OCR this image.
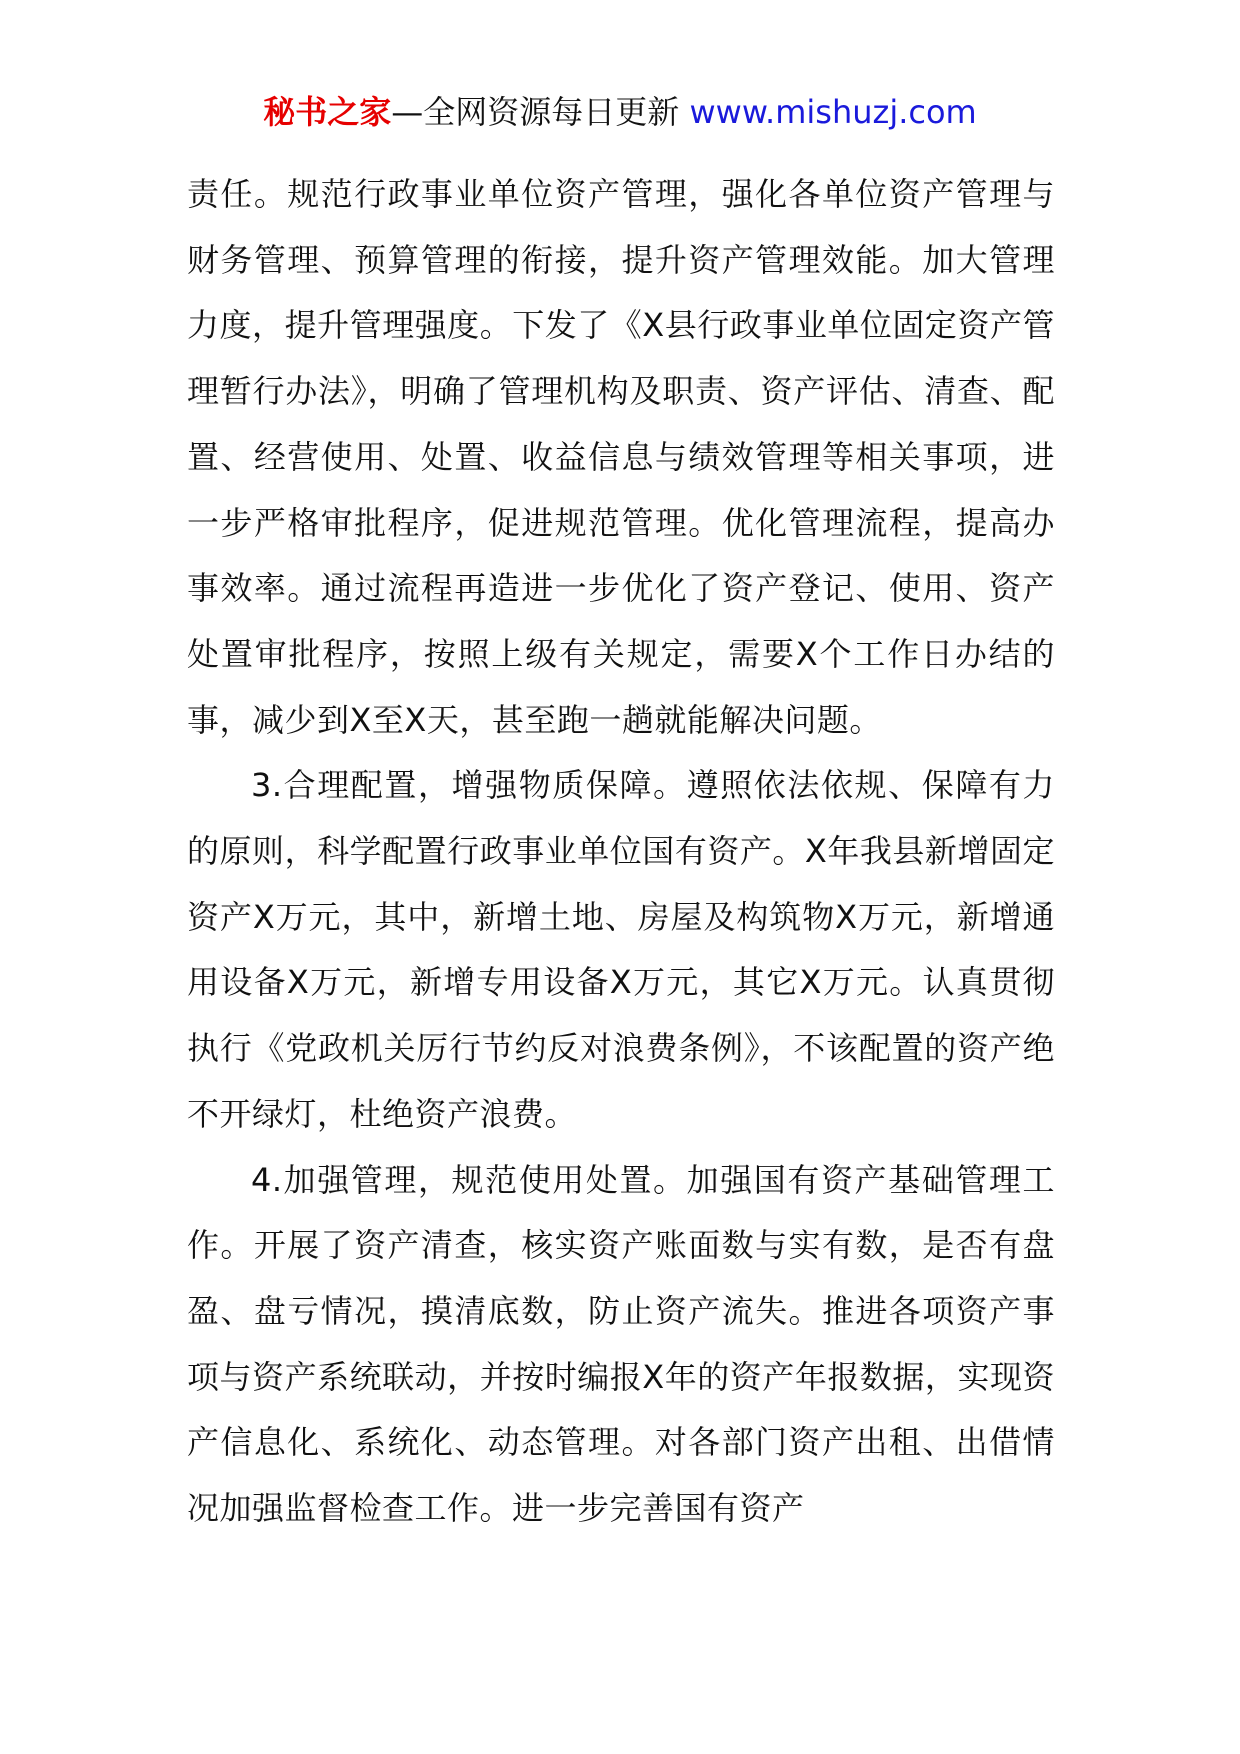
秘书之家—全网资源每日更新 www.mishuzj.com

责任。规范行政事业单位资产管理，强化各单位资产管理与财务管理、预算管理的衔接，提升资产管理效能。加大管理力度，提升管理强度。下发了《X县行政事业单位固定资产管理暂行办法》，明确了管理机构及职责、资产评估、清查、配置、经营使用、处置、收益信息与绩效管理等相关事项，进一步严格审批程序，促进规范管理。优化管理流程，提高办事效率。通过流程再造进一步优化了资产登记、使用、资产处置审批程序，按照上级有关规定，需要X个工作日办结的事，减少到X至X天，甚至跑一趟就能解决问题。

3.合理配置，增强物质保障。遵照依法依规、保障有力的原则，科学配置行政事业单位国有资产。X年我县新增固定资产X万元，其中，新增土地、房屋及构筑物X万元，新增通用设备X万元，新增专用设备X万元，其它X万元。认真贯彻执行《党政机关厉行节约反对浪费条例》，不该配置的资产绝不开绿灯，杜绝资产浪费。

4.加强管理，规范使用处置。加强国有资产基础管理工作。开展了资产清查，核实资产账面数与实有数，是否有盘盈、盘亏情况，摸清底数，防止资产流失。推进各项资产事项与资产系统联动，并按时编报X年的资产年报数据，实现资产信息化、系统化、动态管理。对各部门资产出租、出借情况加强监督检查工作。进一步完善国有资产
